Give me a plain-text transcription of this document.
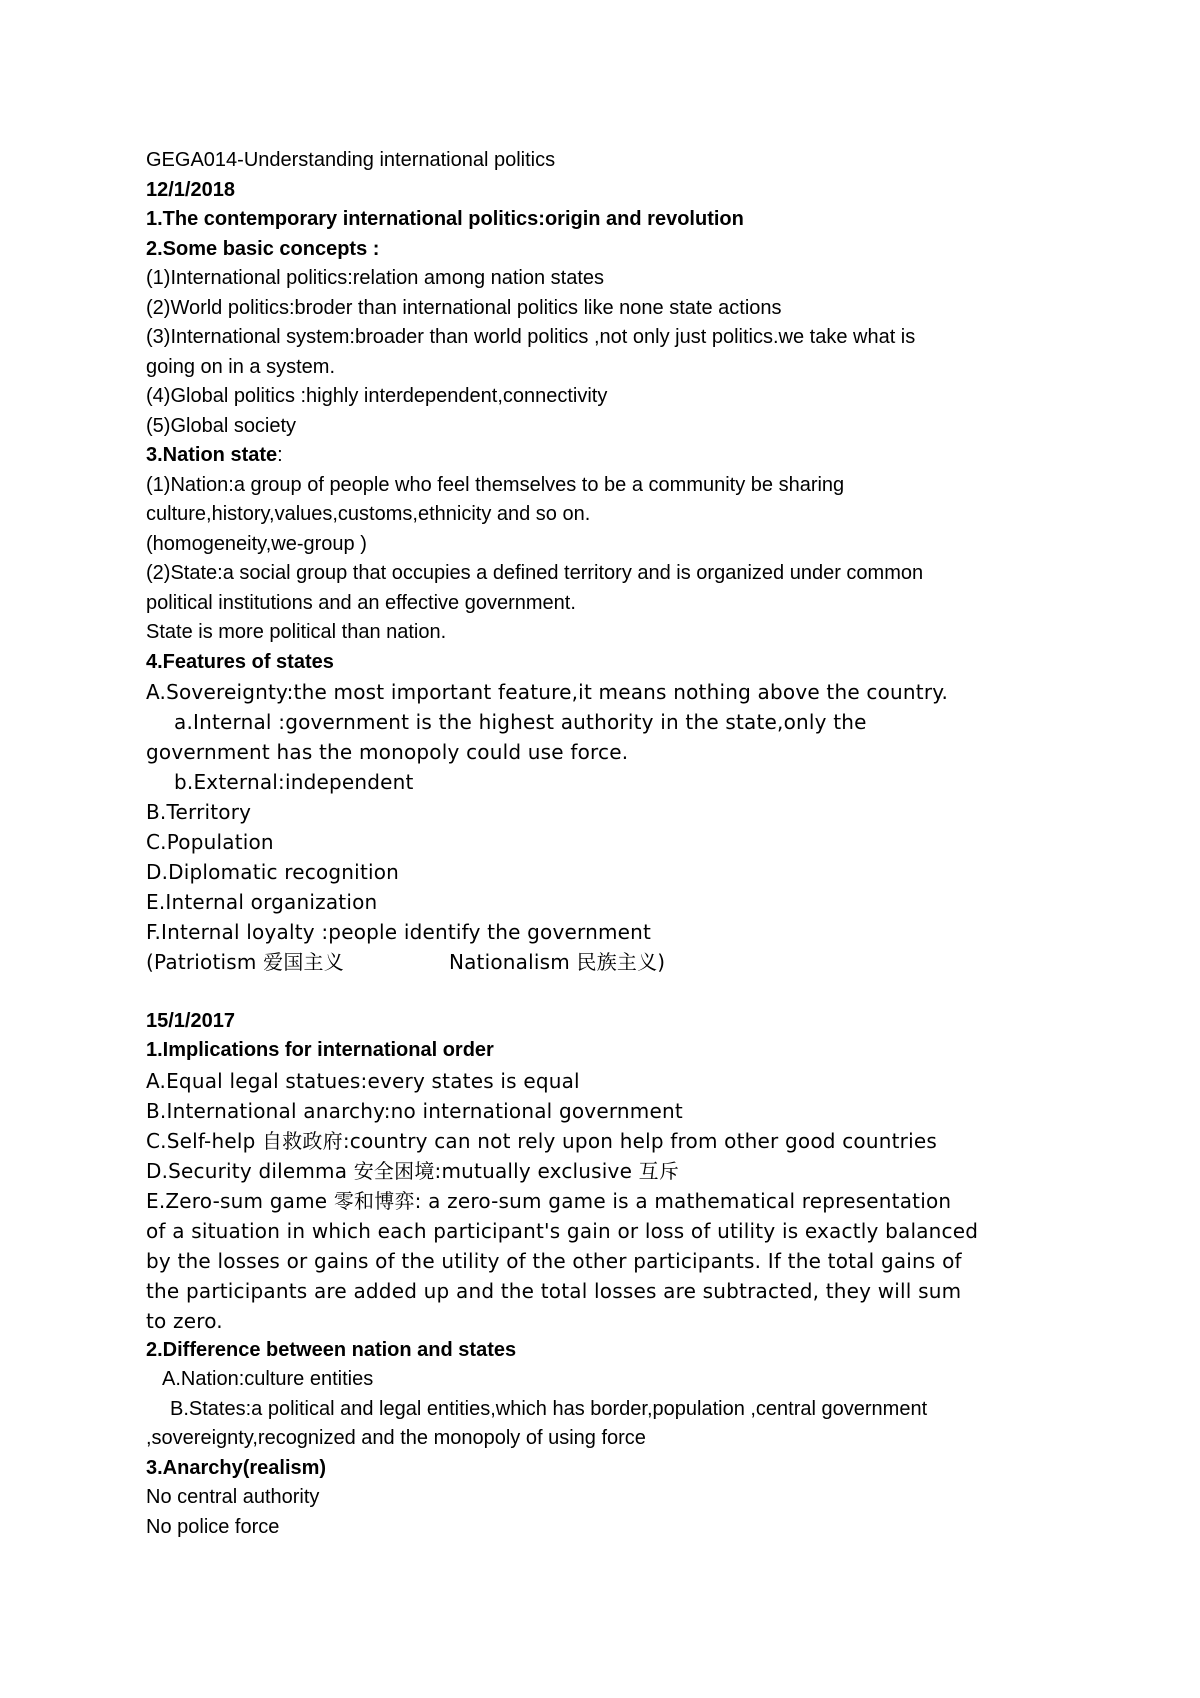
GEGA014-Understanding international politics
12/1/2018
1.The contemporary international politics:origin and revolution
2.Some basic concepts :
(1)International politics:relation among nation states
(2)World politics:broder than international politics like none state actions
(3)International system:broader than world politics ,not only just politics.we take what is
going on in a system.
(4)Global politics :highly interdependent,connectivity
(5)Global society
3.Nation state:
(1)Nation:a group of people who feel themselves to be a community be sharing
culture,history,values,customs,ethnicity and so on.
(homogeneity,we-group )
(2)State:a social group that occupies a defined territory and is organized under common
political institutions and an effective government.
State is more political than nation.
4.Features of states
A.Sovereignty:the most important feature,it means nothing above the country.
a.Internal :government is the highest authority in the state,only the
government has the monopoly could use force.
b.External:independent
B.Territory
C.Population
D.Diplomatic recognition
E.Internal organization
F.Internal loyalty :people identify the government
(Patriotism 爱国主义	Nationalism 民族主义)
15/1/2017
1.Implications for international order
A.Equal legal statues:every states is equal
B.International anarchy:no international government
C.Self-help 自救政府:country can not rely upon help from other good countries
D.Security dilemma 安全困境:mutually exclusive 互斥
E.Zero-sum game 零和博弈: a zero-sum game is a mathematical representation
of a situation in which each participant's gain or loss of utility is exactly balanced
by the losses or gains of the utility of the other participants. If the total gains of
the participants are added up and the total losses are subtracted, they will sum
to zero.
2.Difference between nation and states
A.Nation:culture entities
B.States:a political and legal entities,which has border,population ,central government
,sovereignty,recognized and the monopoly of using force
3.Anarchy(realism)
No central authority
No police force
